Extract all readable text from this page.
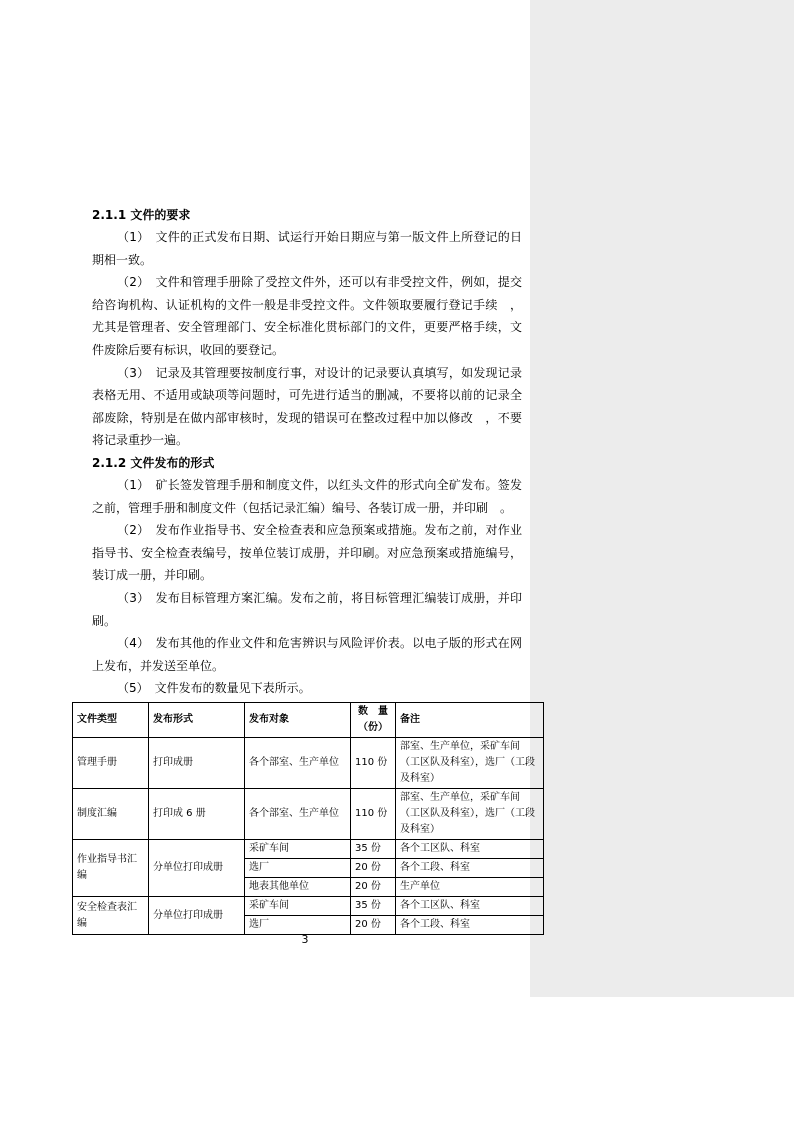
2.1.1 文件的要求
（1）　文件的正式发布日期、试运行开始日期应与第一版文件上所登记的日期相一致。
（2）　文件和管理手册除了受控文件外，还可以有非受控文件，例如，提交给咨询机构、认证机构的文件一般是非受控文件。文件领取要履行登记手续　，尤其是管理者、安全管理部门、安全标准化贯标部门的文件，更要严格手续，文件废除后要有标识，收回的要登记。
（3）　记录及其管理要按制度行事，对设计的记录要认真填写，如发现记录表格无用、不适用或缺项等问题时，可先进行适当的删减，不要将以前的记录全部废除，特别是在做内部审核时，发现的错误可在整改过程中加以修改　，不要将记录重抄一遍。
2.1.2 文件发布的形式
（1）　矿长签发管理手册和制度文件，以红头文件的形式向全矿发布。签发之前，管理手册和制度文件（包括记录汇编）编号、各装订成一册，并印刷　。
（2）　发布作业指导书、安全检查表和应急预案或措施。发布之前，对作业指导书、安全检查表编号，按单位装订成册，并印刷。对应急预案或措施编号，装订成一册，并印刷。
（3）　发布目标管理方案汇编。发布之前，将目标管理汇编装订成册，并印刷。
（4）　发布其他的作业文件和危害辨识与风险评价表。以电子版的形式在网上发布，并发送至单位。
（5）　文件发布的数量见下表所示。
文件类型	发布形式	发布对象	数　量（份）	备注
管理手册	打印成册	各个部室、生产单位	110 份	部室、生产单位，采矿车间（工区队及科室），选厂（工段及科室）
制度汇编	打印成 6 册	各个部室、生产单位	110 份	部室、生产单位，采矿车间（工区队及科室），选厂（工段及科室）
作业指导书汇编	分单位打印成册	采矿车间	35 份	各个工区队、科室
		选厂	20 份	各个工段、科室
		地表其他单位	20 份	生产单位
安全检查表汇编	分单位打印成册	采矿车间	35 份	各个工区队、科室
		选厂	20 份	各个工段、科室
3
